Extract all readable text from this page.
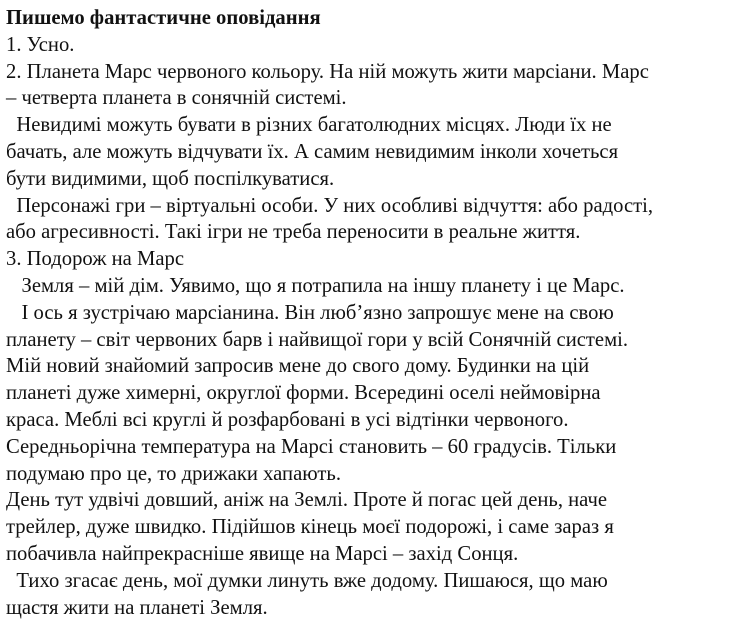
Пишемо фантастичне оповідання
1. Усно.
2. Планета Марс червоного кольору. На ній можуть жити марсіани. Марс
– четверта планета в сонячній системі.
Невидимі можуть бувати в різних багатолюдних місцях. Люди їх не
бачать, але можуть відчувати їх. А самим невидимим інколи хочеться
бути видимими, щоб поспілкуватися.
Персонажі гри – віртуальні особи. У них особливі відчуття: або радості,
або агресивності. Такі ігри не треба переносити в реальне життя.
3. Подорож на Марс
Земля – мій дім. Уявимо, що я потрапила на іншу планету і це Марс.
І ось я зустрічаю марсіанина. Він люб’язно запрошує мене на свою
планету – світ червоних барв і найвищої гори у всій Сонячній системі.
Мій новий знайомий запросив мене до свого дому. Будинки на цій
планеті дуже химерні, округлої форми. Всередині оселі неймовірна
краса. Меблі всі круглі й розфарбовані в усі відтінки червоного.
Середньорічна температура на Марсі становить – 60 градусів. Тільки
подумаю про це, то дрижаки хапають.
День тут удвічі довший, аніж на Землі. Проте й погас цей день, наче
трейлер, дуже швидко. Підійшов кінець моєї подорожі, і саме зараз я
побачивла найпрекрасніше явище на Марсі – захід Сонця.
Тихо згасає день, мої думки линуть вже додому. Пишаюся, що маю
щастя жити на планеті Земля.
